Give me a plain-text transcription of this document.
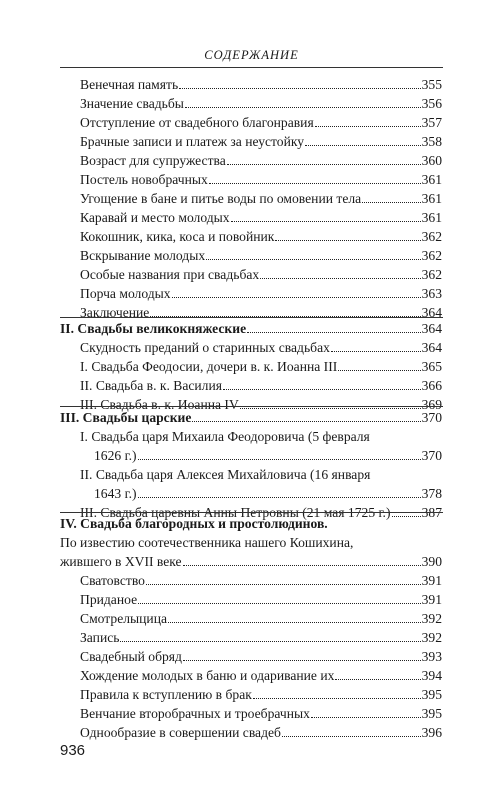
СОДЕРЖАНИЕ
Венечная память	355
Значение свадьбы	356
Отступление от свадебного благонравия	357
Брачные записи и платеж за неустойку	358
Возраст для супружества	360
Постель новобрачных	361
Угощение в бане и питье воды по омовении тела	361
Каравай и место молодых	361
Кокошник, кика, коса и повойник	362
Вскрывание молодых	362
Особые названия при свадьбах	362
Порча молодых	363
Заключение	364
II. Свадьбы великокняжеские	364
Скудность преданий о старинных свадьбах	364
I. Свадьба Феодосии, дочери в. к. Иоанна III	365
II. Свадьба в. к. Василия	366
III. Свадьба в. к. Иоанна IV	369
III. Свадьбы царские	370
I. Свадьба царя Михаила Феодоровича (5 февраля
1626 г.)	370
II. Свадьба царя Алексея Михайловича (16 января
1643 г.)	378
III. Свадьба царевны Анны Петровны (21 мая 1725 г.) 387
IV. Свадьба благородных и простолюдинов.
По известию соотечественника нашего Кошихина,
жившего в XVII веке	390
Сватовство	391
Приданое	391
Смотрелыцица	392
Запись	392
Свадебный обряд	393
Хождение молодых в баню и одаривание их	394
Правила к вступлению в брак	395
Венчание второбрачных и троебрачных	395
Однообразие в совершении свадеб	396
936
